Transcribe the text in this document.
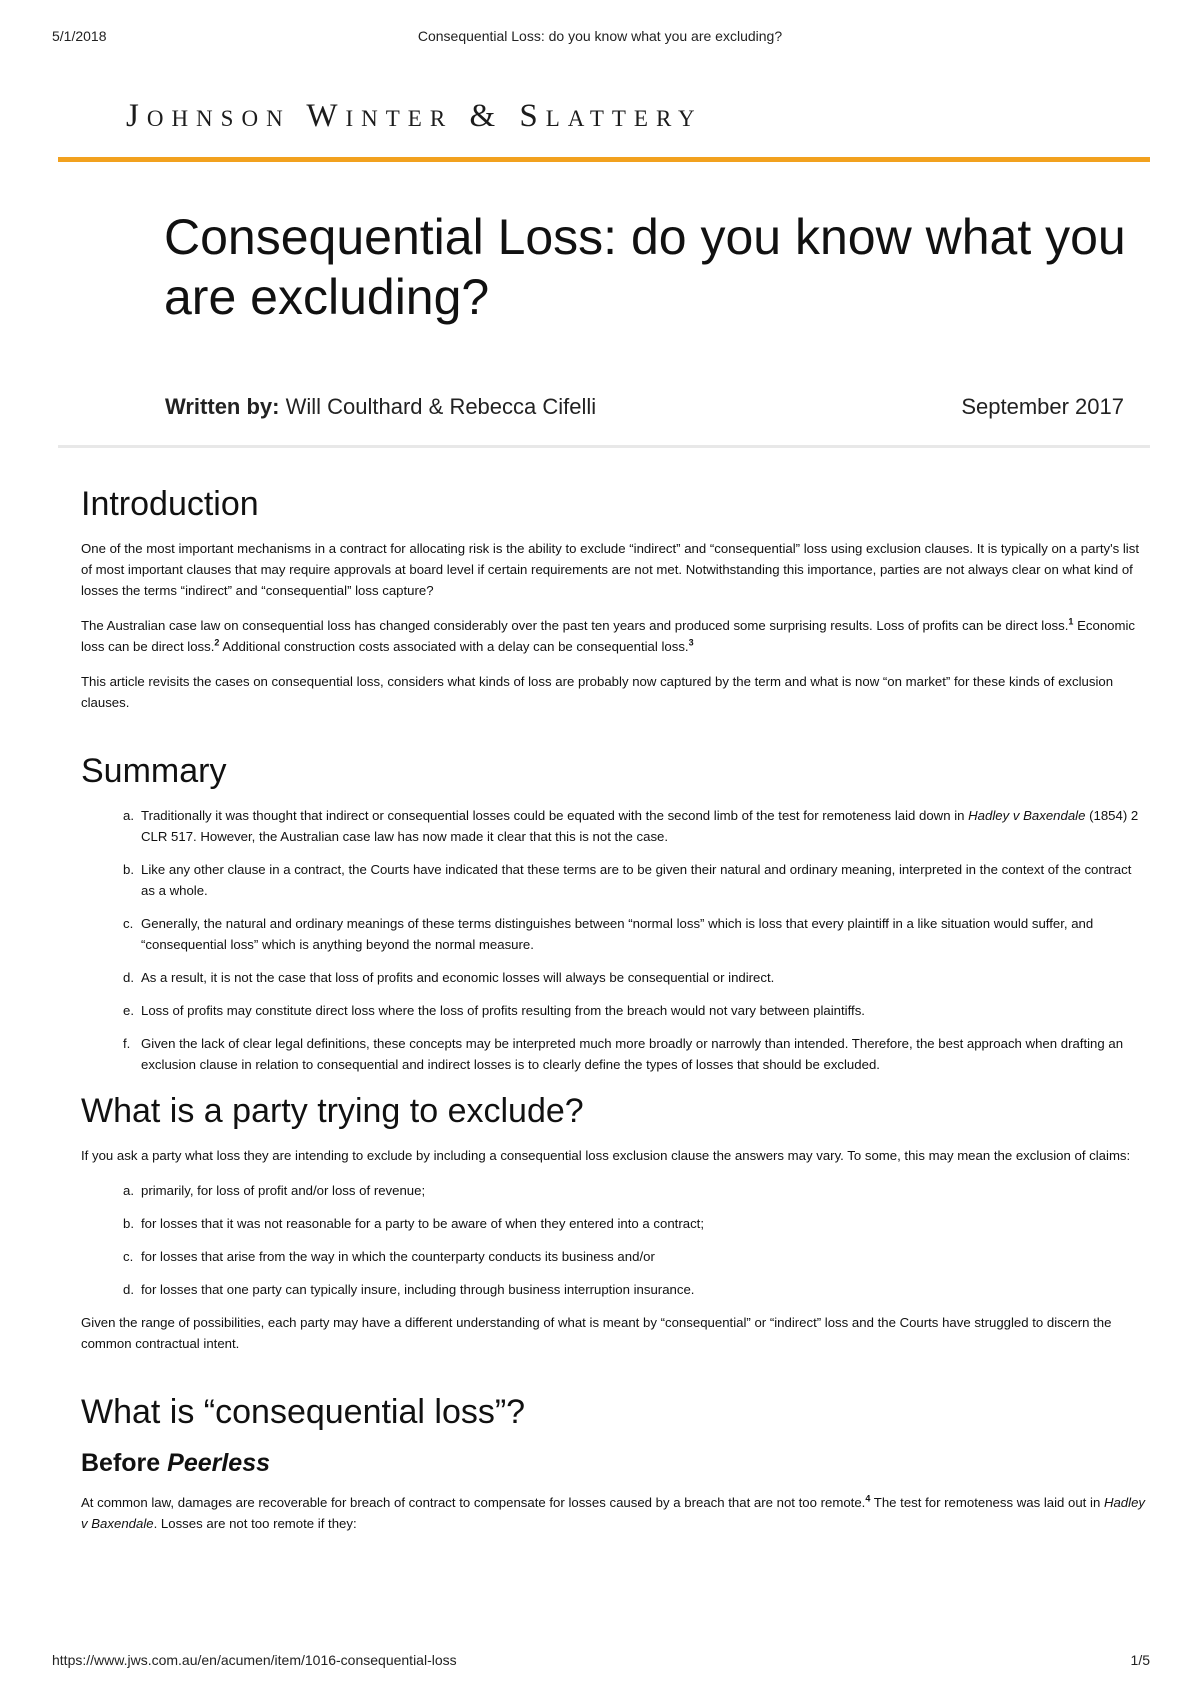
5/1/2018	Consequential Loss: do you know what you are excluding?
Johnson Winter & Slattery
Consequential Loss: do you know what you are excluding?
Written by: Will Coulthard & Rebecca Cifelli	September 2017
Introduction

One of the most important mechanisms in a contract for allocating risk is the ability to exclude “indirect” and “consequential” loss using exclusion clauses. It is typically on a party's list of most important clauses that may require approvals at board level if certain requirements are not met. Notwithstanding this importance, parties are not always clear on what kind of losses the terms “indirect” and “consequential” loss capture?

The Australian case law on consequential loss has changed considerably over the past ten years and produced some surprising results. Loss of profits can be direct loss.$^1$ Economic loss can be direct loss.$^2$ Additional construction costs associated with a delay can be consequential loss.$^3$

This article revisits the cases on consequential loss, considers what kinds of loss are probably now captured by the term and what is now “on market” for these kinds of exclusion clauses.

Summary
a. Traditionally it was thought that indirect or consequential losses could be equated with the second limb of the test for remoteness laid down in Hadley v Baxendale (1854) 2 CLR 517. However, the Australian case law has now made it clear that this is not the case.
b. Like any other clause in a contract, the Courts have indicated that these terms are to be given their natural and ordinary meaning, interpreted in the context of the contract as a whole.
c. Generally, the natural and ordinary meanings of these terms distinguishes between “normal loss” which is loss that every plaintiff in a like situation would suffer, and “consequential loss” which is anything beyond the normal measure.
d. As a result, it is not the case that loss of profits and economic losses will always be consequential or indirect.
e. Loss of profits may constitute direct loss where the loss of profits resulting from the breach would not vary between plaintiffs.
f. Given the lack of clear legal definitions, these concepts may be interpreted much more broadly or narrowly than intended. Therefore, the best approach when drafting an exclusion clause in relation to consequential and indirect losses is to clearly define the types of losses that should be excluded.
What is a party trying to exclude?

If you ask a party what loss they are intending to exclude by including a consequential loss exclusion clause the answers may vary. To some, this may mean the exclusion of claims:

a. primarily, for loss of profit and/or loss of revenue;
b. for losses that it was not reasonable for a party to be aware of when they entered into a contract;
c. for losses that arise from the way in which the counterparty conducts its business and/or
d. for losses that one party can typically insure, including through business interruption insurance.

Given the range of possibilities, each party may have a different understanding of what is meant by “consequential” or “indirect” loss and the Courts have struggled to discern the common contractual intent.

What is “consequential loss”?
Before Peerless

At common law, damages are recoverable for breach of contract to compensate for losses caused by a breach that are not too remote.$^4$ The test for remoteness was laid out in Hadley v Baxendale. Losses are not too remote if they:

https://www.jws.com.au/en/acumen/item/1016-consequential-loss	1/5
